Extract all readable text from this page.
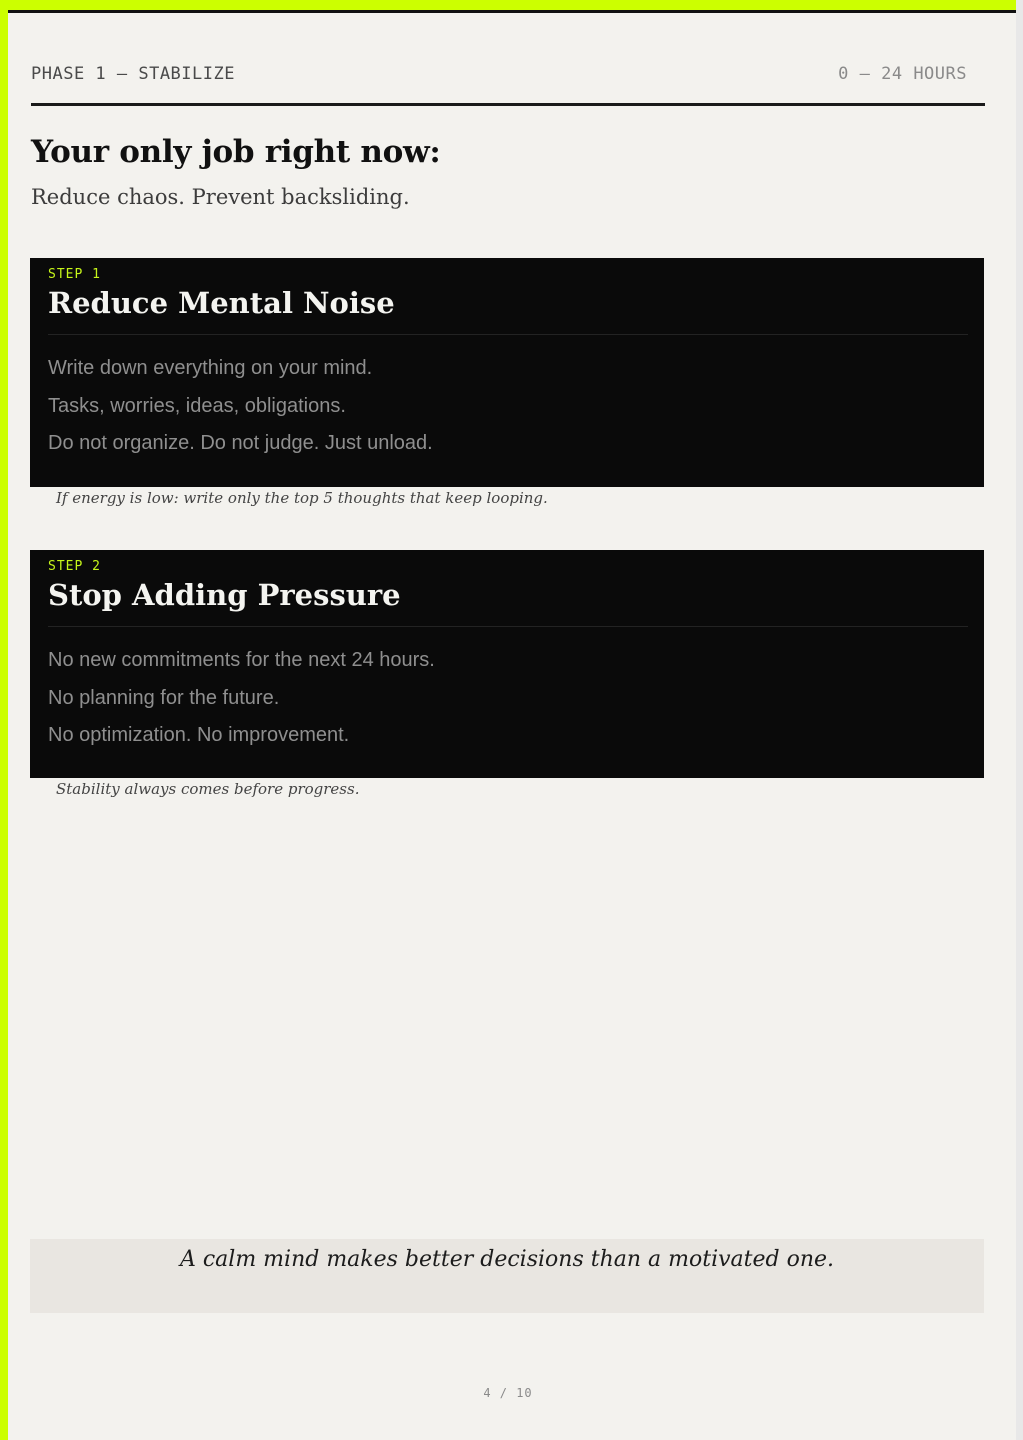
PHASE 1 — STABILIZE	0 – 24 HOURS
Your only job right now:

Reduce chaos. Prevent backsliding.

STEP 1
Reduce Mental Noise
Write down everything on your mind.
Tasks, worries, ideas, obligations.
Do not organize. Do not judge. Just unload.

If energy is low: write only the top 5 thoughts that keep looping.

STEP 2
Stop Adding Pressure
No new commitments for the next 24 hours.
No planning for the future.
No optimization. No improvement.

Stability always comes before progress.

A calm mind makes better decisions than a motivated one.

4 / 10
